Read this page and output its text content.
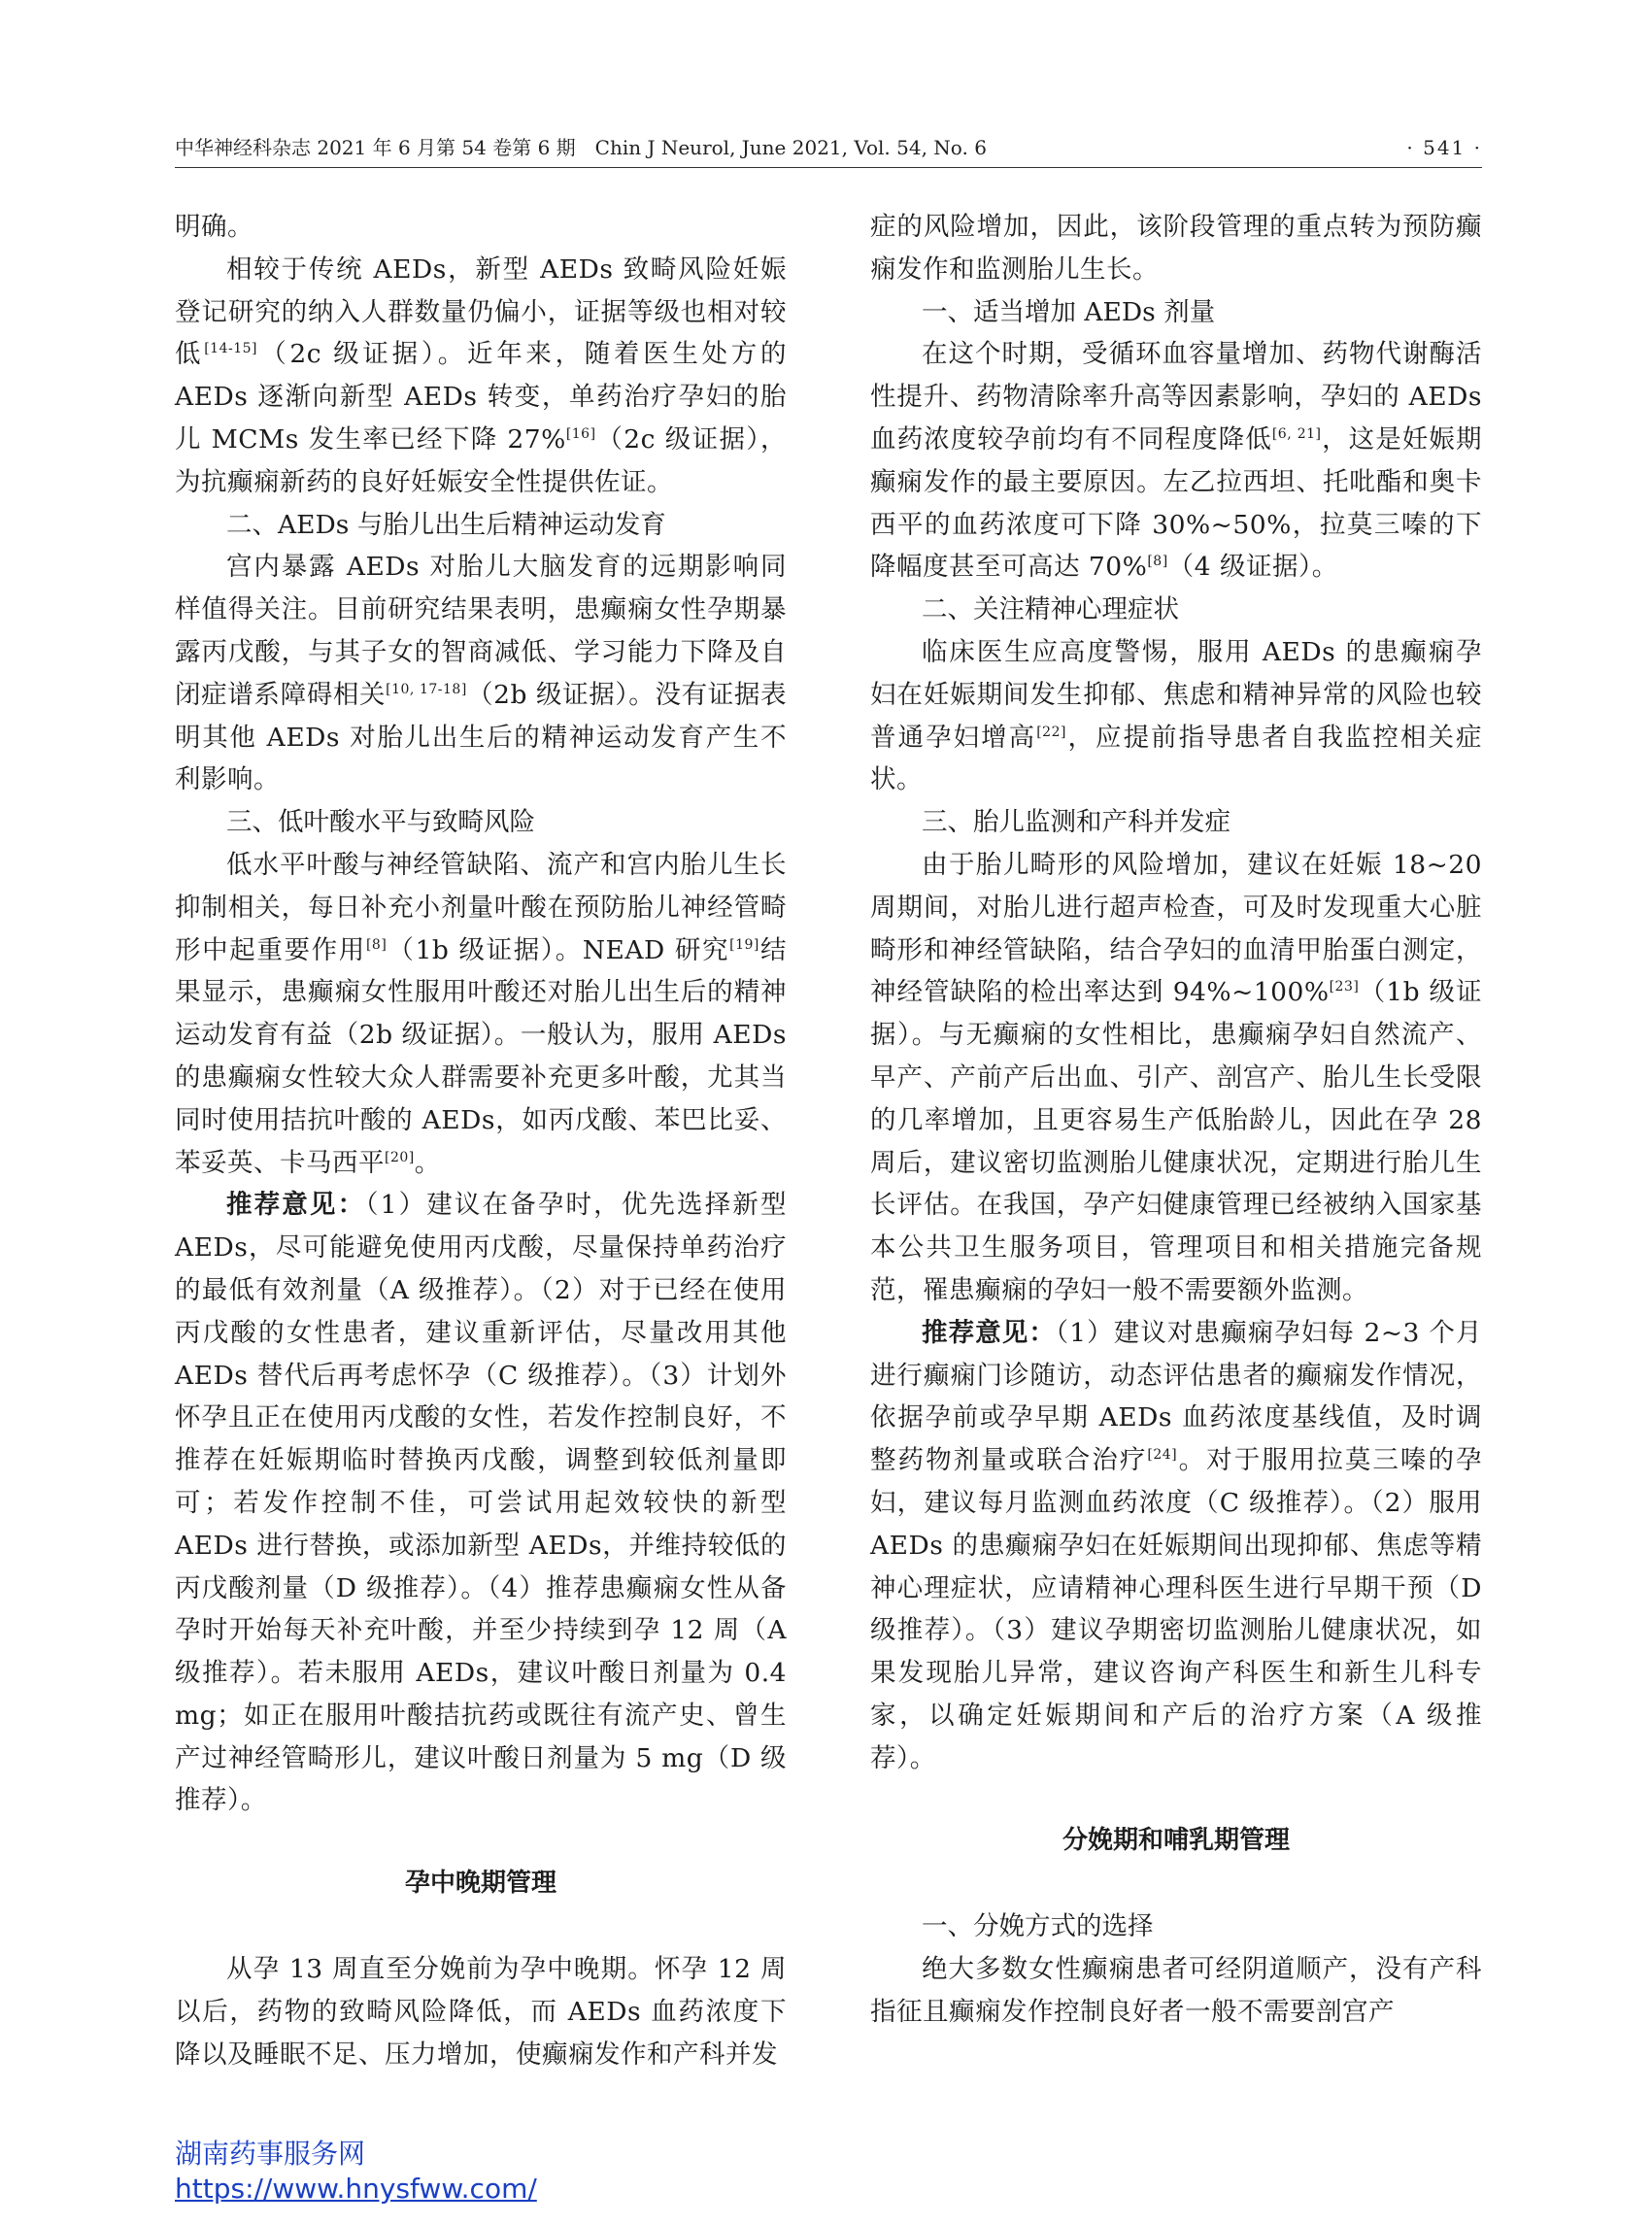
中华神经科杂志 2021 年 6 月第 54 卷第 6 期　Chin J Neurol, June 2021, Vol. 54, No. 6	· 541 ·

明确。

相较于传统 AEDs，新型 AEDs 致畸风险妊娠登记研究的纳入人群数量仍偏小，证据等级也相对较低[14-15]（2c 级证据）。近年来，随着医生处方的 AEDs 逐渐向新型 AEDs 转变，单药治疗孕妇的胎儿 MCMs 发生率已经下降 27%[16]（2c 级证据），为抗癫痫新药的良好妊娠安全性提供佐证。

二、AEDs 与胎儿出生后精神运动发育

宫内暴露 AEDs 对胎儿大脑发育的远期影响同样值得关注。目前研究结果表明，患癫痫女性孕期暴露丙戊酸，与其子女的智商减低、学习能力下降及自闭症谱系障碍相关[10, 17-18]（2b 级证据）。没有证据表明其他 AEDs 对胎儿出生后的精神运动发育产生不利影响。

三、低叶酸水平与致畸风险

低水平叶酸与神经管缺陷、流产和宫内胎儿生长抑制相关，每日补充小剂量叶酸在预防胎儿神经管畸形中起重要作用[8]（1b 级证据）。NEAD 研究[19]结果显示，患癫痫女性服用叶酸还对胎儿出生后的精神运动发育有益（2b 级证据）。一般认为，服用 AEDs 的患癫痫女性较大众人群需要补充更多叶酸，尤其当同时使用拮抗叶酸的 AEDs，如丙戊酸、苯巴比妥、苯妥英、卡马西平[20]。

推荐意见：（1）建议在备孕时，优先选择新型 AEDs，尽可能避免使用丙戊酸，尽量保持单药治疗的最低有效剂量（A 级推荐）。（2）对于已经在使用丙戊酸的女性患者，建议重新评估，尽量改用其他 AEDs 替代后再考虑怀孕（C 级推荐）。（3）计划外怀孕且正在使用丙戊酸的女性，若发作控制良好，不推荐在妊娠期临时替换丙戊酸，调整到较低剂量即可；若发作控制不佳，可尝试用起效较快的新型 AEDs 进行替换，或添加新型 AEDs，并维持较低的丙戊酸剂量（D 级推荐）。（4）推荐患癫痫女性从备孕时开始每天补充叶酸，并至少持续到孕 12 周（A 级推荐）。若未服用 AEDs，建议叶酸日剂量为 0.4 mg；如正在服用叶酸拮抗药或既往有流产史、曾生产过神经管畸形儿，建议叶酸日剂量为 5 mg（D 级推荐）。

孕中晚期管理

从孕 13 周直至分娩前为孕中晚期。怀孕 12 周以后，药物的致畸风险降低，而 AEDs 血药浓度下降以及睡眠不足、压力增加，使癫痫发作和产科并发

症的风险增加，因此，该阶段管理的重点转为预防癫痫发作和监测胎儿生长。

一、适当增加 AEDs 剂量

在这个时期，受循环血容量增加、药物代谢酶活性提升、药物清除率升高等因素影响，孕妇的 AEDs 血药浓度较孕前均有不同程度降低[6, 21]，这是妊娠期癫痫发作的最主要原因。左乙拉西坦、托吡酯和奥卡西平的血药浓度可下降 30%~50%，拉莫三嗪的下降幅度甚至可高达 70%[8]（4 级证据）。

二、关注精神心理症状

临床医生应高度警惕，服用 AEDs 的患癫痫孕妇在妊娠期间发生抑郁、焦虑和精神异常的风险也较普通孕妇增高[22]，应提前指导患者自我监控相关症状。

三、胎儿监测和产科并发症

由于胎儿畸形的风险增加，建议在妊娠 18~20 周期间，对胎儿进行超声检查，可及时发现重大心脏畸形和神经管缺陷，结合孕妇的血清甲胎蛋白测定，神经管缺陷的检出率达到 94%~100%[23]（1b 级证据）。与无癫痫的女性相比，患癫痫孕妇自然流产、早产、产前产后出血、引产、剖宫产、胎儿生长受限的几率增加，且更容易生产低胎龄儿，因此在孕 28 周后，建议密切监测胎儿健康状况，定期进行胎儿生长评估。在我国，孕产妇健康管理已经被纳入国家基本公共卫生服务项目，管理项目和相关措施完备规范，罹患癫痫的孕妇一般不需要额外监测。

推荐意见：（1）建议对患癫痫孕妇每 2~3 个月进行癫痫门诊随访，动态评估患者的癫痫发作情况，依据孕前或孕早期 AEDs 血药浓度基线值，及时调整药物剂量或联合治疗[24]。对于服用拉莫三嗪的孕妇，建议每月监测血药浓度（C 级推荐）。（2）服用 AEDs 的患癫痫孕妇在妊娠期间出现抑郁、焦虑等精神心理症状，应请精神心理科医生进行早期干预（D 级推荐）。（3）建议孕期密切监测胎儿健康状况，如果发现胎儿异常，建议咨询产科医生和新生儿科专家，以确定妊娠期间和产后的治疗方案（A 级推荐）。

分娩期和哺乳期管理

一、分娩方式的选择

绝大多数女性癫痫患者可经阴道顺产，没有产科指征且癫痫发作控制良好者一般不需要剖宫产

湖南药事服务网
https://www.hnysfww.com/
